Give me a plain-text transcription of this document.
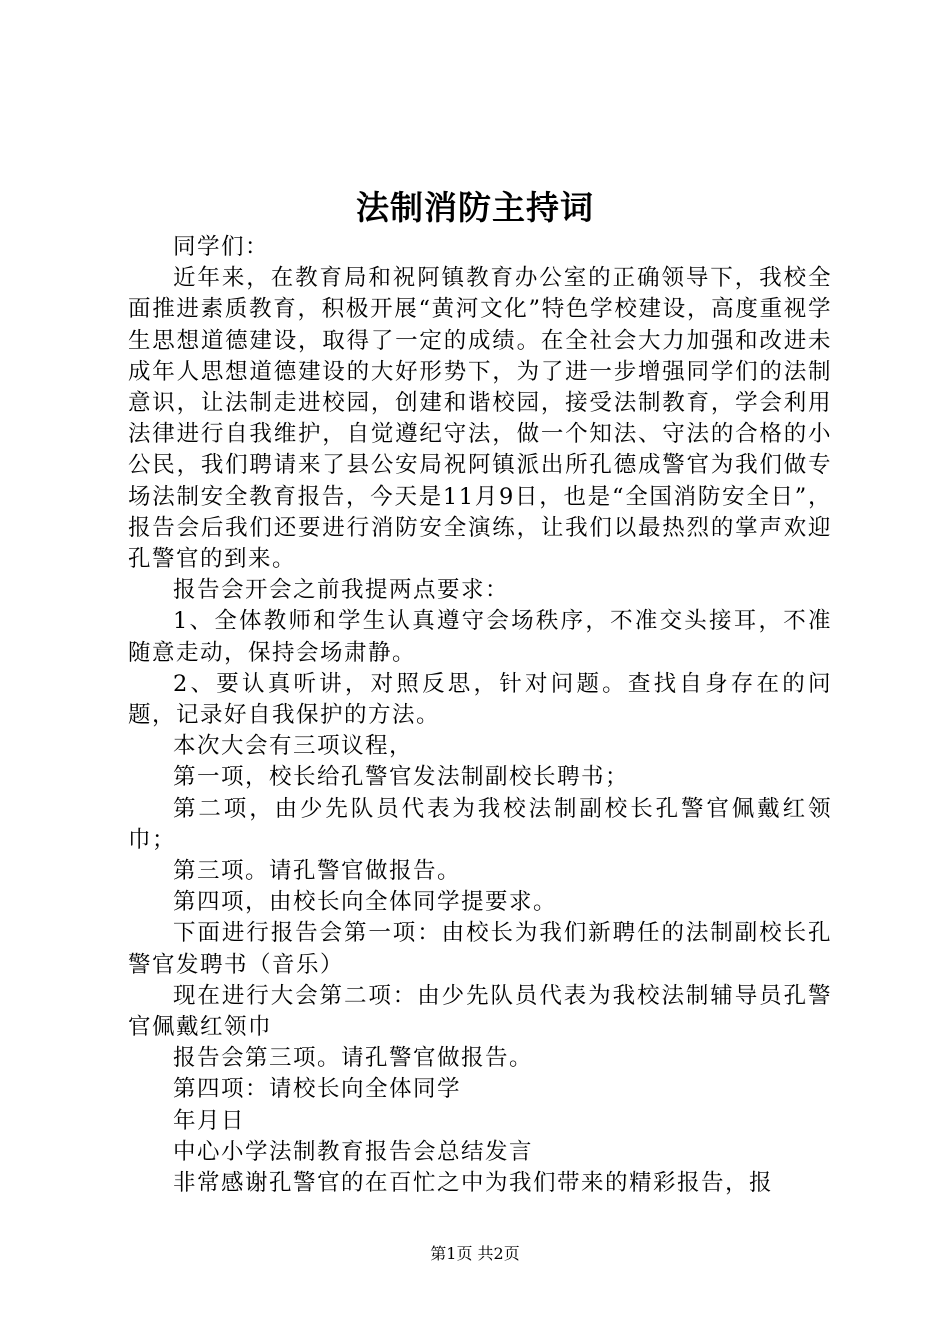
法制消防主持词

同学们：

近年来，在教育局和祝阿镇教育办公室的正确领导下，我校全面推进素质教育，积极开展“黄河文化”特色学校建设，高度重视学生思想道德建设，取得了一定的成绩。在全社会大力加强和改进未成年人思想道德建设的大好形势下，为了进一步增强同学们的法制意识，让法制走进校园，创建和谐校园，接受法制教育，学会利用法律进行自我维护，自觉遵纪守法，做一个知法、守法的合格的小公民，我们聘请来了县公安局祝阿镇派出所孔德成警官为我们做专场法制安全教育报告，今天是11月9日，也是“全国消防安全日”，报告会后我们还要进行消防安全演练，让我们以最热烈的掌声欢迎孔警官的到来。

报告会开会之前我提两点要求：

1、全体教师和学生认真遵守会场秩序，不准交头接耳，不准随意走动，保持会场肃静。

2、要认真听讲，对照反思，针对问题。查找自身存在的问题，记录好自我保护的方法。

本次大会有三项议程，

第一项，校长给孔警官发法制副校长聘书；

第二项，由少先队员代表为我校法制副校长孔警官佩戴红领巾；

第三项。请孔警官做报告。

第四项，由校长向全体同学提要求。

下面进行报告会第一项：由校长为我们新聘任的法制副校长孔警官发聘书（音乐）

现在进行大会第二项：由少先队员代表为我校法制辅导员孔警官佩戴红领巾

报告会第三项。请孔警官做报告。

第四项：请校长向全体同学

年月日

中心小学法制教育报告会总结发言

非常感谢孔警官的在百忙之中为我们带来的精彩报告，报

第1页 共2页
